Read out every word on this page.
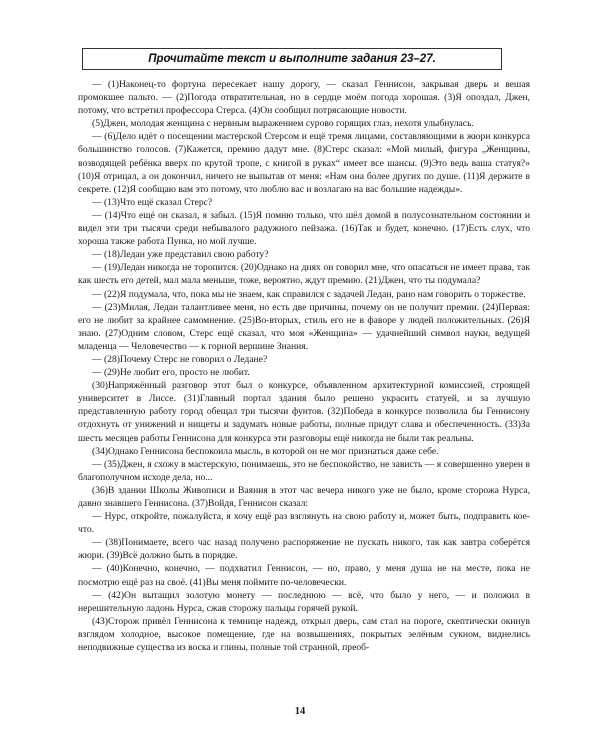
Прочитайте текст и выполните задания 23–27.

— (1)Наконец-то фортуна пересекает нашу дорогу, — сказал Геннисон, закрывая дверь и вешая промокшее пальто. — (2)Погода отвратительная, но в сердце моём погода хорошая. (3)Я опоздал, Джен, потому, что встретил профессора Стерса. (4)Он сообщил потрясающие новости.

(5)Джен, молодая женщина с нервным выражением сурово горящих глаз, нехотя улыбнулась.

— (6)Дело идёт о посещении мастерской Стерсом и ещё тремя лицами, составляющими в жюри конкурса большинство голосов. (7)Кажется, премию дадут мне. (8)Стерс сказал: «Мой милый, фигура „Женщины, возводящей ребёнка вверх по крутой тропе, с книгой в руках“ имеет все шансы. (9)Это ведь ваша статуя?» (10)Я отрицал, а он докончил, ничего не выпытав от меня: «Нам она более других по душе. (11)Я держите в секрете. (12)Я сообщаю вам это потому, что люблю вас и возлагаю на вас большие надежды».

— (13)Что ещё сказал Стерс?

— (14)Что ещё он сказал, я забыл. (15)Я помню только, что шёл домой в полусознательном состоянии и видел эти три тысячи среди небывалого радужного пейзажа. (16)Так и будет, конечно. (17)Есть слух, что хороша также работа Пунка, но мой лучше.

— (18)Ледан уже представил свою работу?

— (19)Ледан никогда не торопится. (20)Однако на днях он говорил мне, что опасаться не имеет права, так как шесть его детей, мал мала меньше, тоже, вероятно, ждут премию. (21)Джен, что ты подумала?

— (22)Я подумала, что, пока мы не знаем, как справился с задачей Ледан, рано нам говорить о торжестве.

— (23)Милая, Ледан талантливее меня, но есть две причины, почему он не получит премии. (24)Первая: его не любит за крайнее самомнение. (25)Во-вторых, стиль его не в фаворе у людей положительных. (26)Я знаю. (27)Одним словом, Стерс ещё сказал, что моя «Женщина» — удачнейший символ науки, ведущей младенца — Человечество — к горной вершине Знания.

— (28)Почему Стерс не говорил о Ледане?

— (29)Не любит его, просто не любит.

(30)Напряжённый разговор этот был о конкурсе, объявленном архитектурной комиссией, строящей университет в Лиссе. (31)Главный портал здания было решено украсить статуей, и за лучшую представленную работу город обещал три тысячи фунтов. (32)Победа в конкурсе позволила бы Геннисону отдохнуть от унижений и нищеты и задумать новые работы, полные придут слава и обеспеченность. (33)За шесть месяцев работы Геннисона для конкурса эти разговоры ещё никогда не были так реальны.

(34)Однако Геннисона беспокоила мысль, в которой он не мог признаться даже себе.

— (35)Джен, я схожу в мастерскую, понимаешь, это не беспокойство, не зависть — я совершенно уверен в благополучном исходе дела, но...

(36)В здании Школы Живописи и Ваяния в этот час вечера никого уже не было, кроме сторожа Нурса, давно знавшего Геннисона. (37)Войдя, Геннисон сказал:

— Нурс, откройте, пожалуйста, я хочу ещё раз взглянуть на свою работу и, может быть, подправить кое-что.

— (38)Понимаете, всего час назад получено распоряжение не пускать никого, так как завтра соберётся жюри. (39)Всё должно быть в порядке.

— (40)Конечно, конечно, — подхватил Геннисон, — но, право, у меня душа не на месте, пока не посмотрю ещё раз на своё. (41)Вы меня поймите по-человечески.

— (42)Он вытащил золотую монету — последнюю — всё, что было у него, — и положил в нерешительную ладонь Нурса, сжав сторожу пальцы горячей рукой.

(43)Сторож привёл Геннисона к темнице надежд, открыл дверь, сам стал на пороге, скептически окинув взглядом холодное, высокое помещение, где на возвышениях, покрытых зелёным сукном, виднелись неподвижные существа из воска и глины, полные той странной, преоб-

14
